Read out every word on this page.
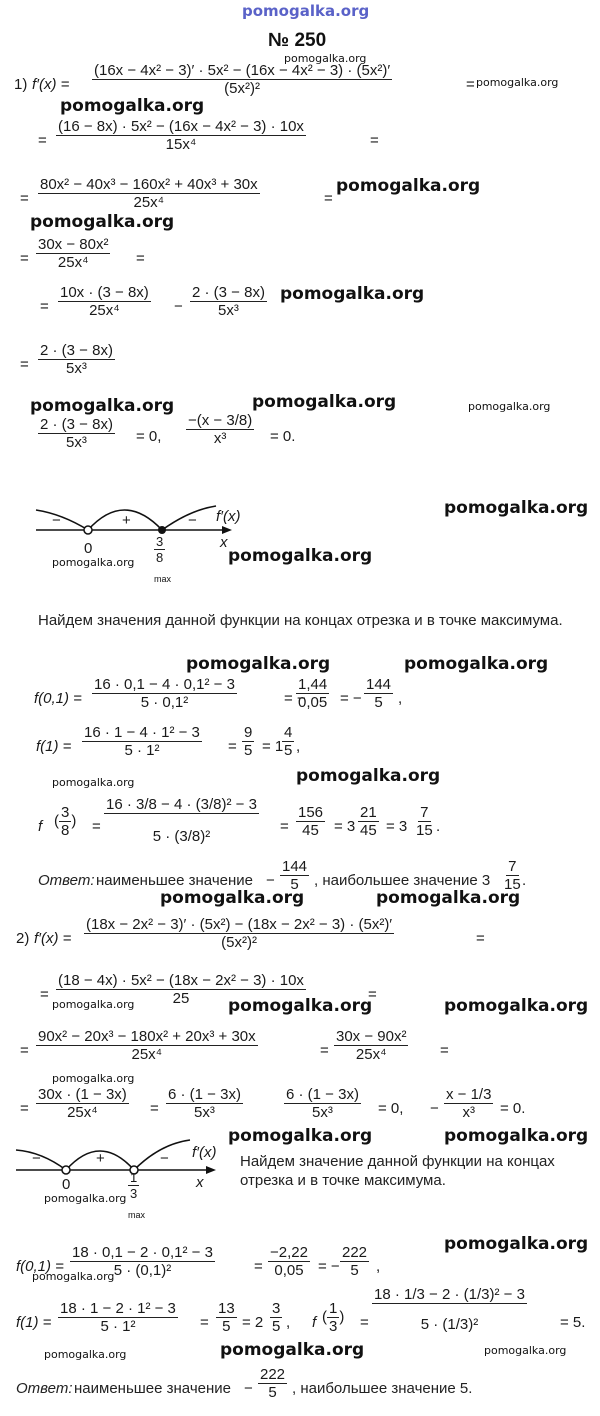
pomogalka.org
№ 250
pomogalka.org
1) $f'(x) = \frac{\text{(16x − 4x² − 3)′ · 5x² − (16x − 4x² − 3) · (5x²)′}}{\text{(5x²)²}}$	= pomogalka.org
pomogalka.org
= $\frac{\text{(16 − 8x) · 5x² − (16x − 4x² − 3) · 10x}}{\text{15x⁴}}$	=
= $\frac{\text{80x² − 40x³ − 160x² + 40x³ + 30x}}{\text{25x⁴}}$	=
pomogalka.org
pomogalka.org
= $\frac{\text{30x − 80x²}}{\text{25x⁴}}$ =
= $\frac{10x \cdot (3 - 8x)}{\text{25x⁴}} - \frac{2 \cdot (3 - 8x)}{\text{5x³}}$ pomogalka.org
= $\frac{2 \cdot (3 - 8x)}{\text{5x³}}$
pomogalka.org	pomogalka.org	pomogalka.org
$\frac{2 \cdot (3 - 8x)}{\text{5x³}} = 0$, $\frac{-(x - 3/8)}{\text{x³}} = 0$.
−	+	− f′(x)
x
0	$\frac{3}{8}$
max
pomogalka.org	pomogalka.org
pomogalka.org
Найдем значения данной функции на концах отрезка и в точке максимума.
pomogalka.org	pomogalka.org
$f(0,1) = \frac{\text{16 · 0,1 − 4 · 0,1² − 3}}{\text{5 · 0,1²}}$	= −
$\frac{1,44}{0,05}$ = − $\frac{144}{5}$ ,
$f(1) = \frac{\text{16 · 1 − 4 · 1² − 3}}{\text{5 · 1²}} = \frac{9}{5} = 1$
$\frac{4}{5}$ ,
pomogalka.org	pomogalka.org
f ( $\frac{3}{8}$ ) = $\frac{\text{16 · 3/8 − 4 · (3/8)² − 3}}{\text{5 · (3/8)²}} = \frac{156}{45} = 3 \frac{21}{45} = 3 \frac{7}{15}$ .
Ответ: наименьшее значение − $\frac{144}{5}$ , наибольшее значение $3 \frac{7}{15}$ .
pomogalka.org	pomogalka.org
2) $f'(x) = \frac{\text{(18x − 2x² − 3)′ · (5x²) − (18x − 2x² − 3) · (5x²)′}}{\text{(5x²)²}}$	=
= $\frac{\text{(18 − 4x) · 5x² − (18x − 2x² − 3) · 10x}}{25}$	=
pomogalka.org	pomogalka.org	pomogalka.org
= $\frac{\text{90x² − 20x³ − 180x² + 20x³ + 30x}}{\text{25x⁴}}$	= $\frac{\text{30x − 90x²}}{\text{25x⁴}}$ =
pomogalka.org
= $\frac{30x \cdot (1 - 3x)}{\text{25x⁴}} = \frac{6 \cdot (1 - 3x)}{\text{5x³}}$	$\frac{6 \cdot (1 - 3x)}{\text{5x³}} = 0$, − $\frac{x - 1/3}{\text{x³}} = 0$.
−	+	− f′(x)
x
0	$\frac{1}{3}$
max
pomogalka.org
pomogalka.org	pomogalka.org
Найдем значение данной функции на концах отрезка и в точке максимума.
pomogalka.org
$f(0,1) = \frac{\text{18 · 0,1 − 2 · 0,1² − 3}}{\text{5 · (0,1)²}}$	= $\frac{-2,22}{0,05}$ = − $\frac{222}{5}$ ,
pomogalka.org
$f(1) = \frac{\text{18 · 1 − 2 · 1² − 3}}{\text{5 · 1²}} = \frac{13}{5} = 2 \frac{3}{5}$ , f ( $\frac{1}{3}$ ) = $\frac{\text{18 · 1/3 − 2 · (1/3)² − 3}}{\text{5 · (1/3)²}} = 5$.
pomogalka.org	pomogalka.org	pomogalka.org
Ответ: наименьшее значение − $\frac{222}{5}$ , наибольшее значение 5.
